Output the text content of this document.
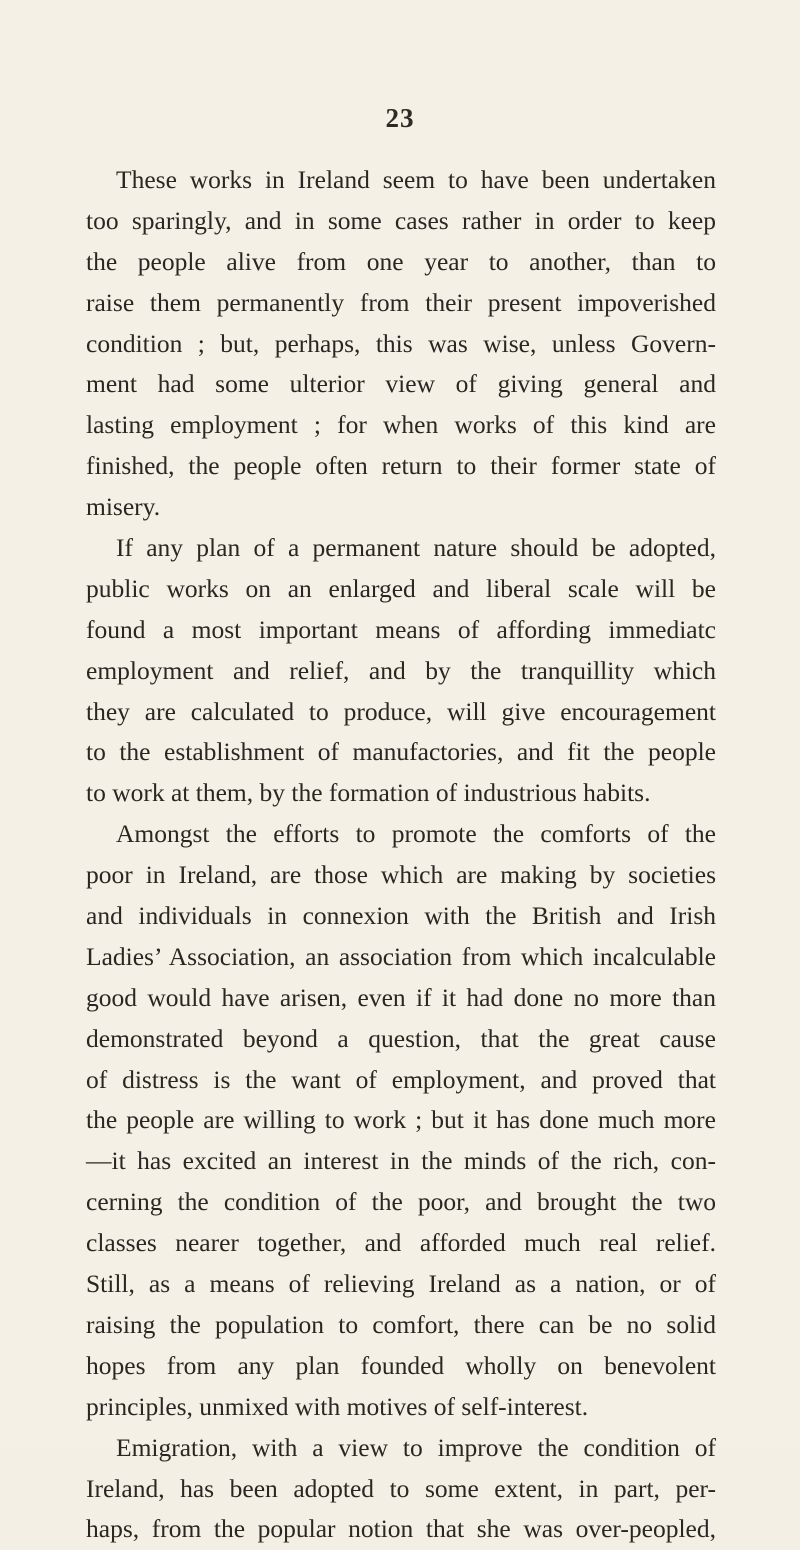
23
These works in Ireland seem to have been undertaken
too sparingly, and in some cases rather in order to keep
the people alive from one year to another, than to
raise them permanently from their present impoverished
condition ; but, perhaps, this was wise, unless Govern-
ment had some ulterior view of giving general and
lasting employment ; for when works of this kind are
finished, the people often return to their former state of
misery.
If any plan of a permanent nature should be adopted,
public works on an enlarged and liberal scale will be
found a most important means of affording immediatc
employment and relief, and by the tranquillity which
they are calculated to produce, will give encouragement
to the establishment of manufactories, and fit the people
to work at them, by the formation of industrious habits.
Amongst the efforts to promote the comforts of the
poor in Ireland, are those which are making by societies
and individuals in connexion with the British and Irish
Ladies’ Association, an association from which incalculable
good would have arisen, even if it had done no more than
demonstrated beyond a question, that the great cause
of distress is the want of employment, and proved that
the people are willing to work ; but it has done much more
—it has excited an interest in the minds of the rich, con-
cerning the condition of the poor, and brought the two
classes nearer together, and afforded much real relief.
Still, as a means of relieving Ireland as a nation, or of
raising the population to comfort, there can be no solid
hopes from any plan founded wholly on benevolent
principles, unmixed with motives of self-interest.
Emigration, with a view to improve the condition of
Ireland, has been adopted to some extent, in part, per-
haps, from the popular notion that she was over-peopled,
